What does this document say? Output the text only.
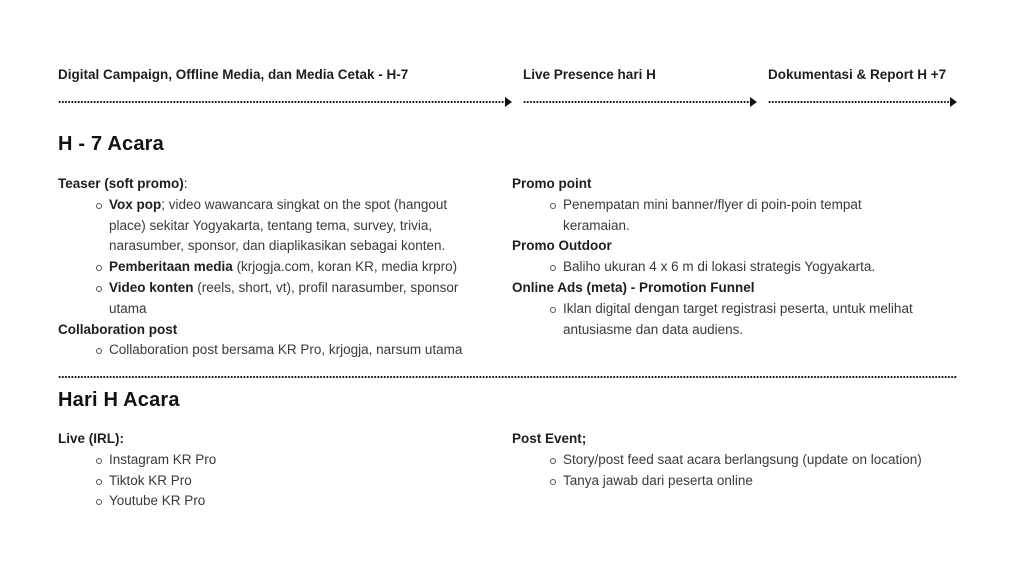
Digital Campaign, Offline Media, dan Media Cetak - H-7	Live Presence hari H	Dokumentasi & Report H +7
H - 7 Acara
Teaser (soft promo):
Vox pop; video wawancara singkat on the spot (hangout place) sekitar Yogyakarta, tentang tema, survey, trivia, narasumber, sponsor, dan diaplikasikan sebagai konten.
Pemberitaan media (krjogja.com, koran KR, media krpro)
Video konten (reels, short, vt), profil narasumber, sponsor utama
Collaboration post
Collaboration post bersama KR Pro, krjogja, narsum utama
Promo point
Penempatan mini banner/flyer di poin-poin tempat keramaian.
Promo Outdoor
Baliho ukuran 4 x 6 m di lokasi strategis Yogyakarta.
Online Ads (meta) - Promotion Funnel
Iklan digital dengan target registrasi peserta, untuk melihat antusiasme dan data audiens.
Hari H Acara
Live (IRL):
Instagram KR Pro
Tiktok KR Pro
Youtube KR Pro
Post Event;
Story/post feed saat acara berlangsung (update on location)
Tanya jawab dari peserta online
